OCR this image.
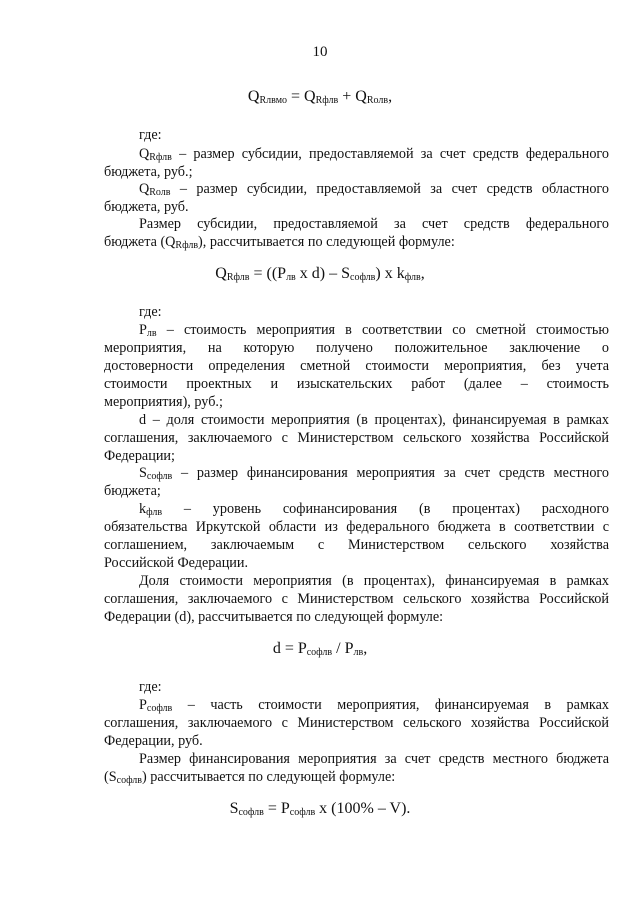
10
$Q_{Rлвмо} = Q_{Rфлв} + Q_{Rолв}$,
где:
$Q_{Rфлв}$ – размер субсидии, предоставляемой за счет средств федерального
бюджета, руб.;
$Q_{Rолв}$ – размер субсидии, предоставляемой за счет средств областного
бюджета, руб.
Размер субсидии, предоставляемой за счет средств федерального
бюджета $(Q_{Rфлв})$, рассчитывается по следующей формуле:
$Q_{Rфлв} = ((P_{лв}$ x $d) - S_{софлв}$) x $k_{флв}$,
где:
$P_{лв}$ – стоимость мероприятия в соответствии со сметной стоимостью
мероприятия, на которую получено положительное заключение о
достоверности определения сметной стоимости мероприятия, без учета
стоимости проектных и изыскательских работ (далее – стоимость
мероприятия), руб.;
d – доля стоимости мероприятия (в процентах), финансируемая в рамках
соглашения, заключаемого с Министерством сельского хозяйства Российской
Федерации;
$S_{софлв}$ – размер финансирования мероприятия за счет средств местного
бюджета;
$k_{флв}$ – уровень софинансирования (в процентах) расходного
обязательства Иркутской области из федерального бюджета в соответствии с
соглашением, заключаемым с Министерством сельского хозяйства
Российской Федерации.
Доля стоимости мероприятия (в процентах), финансируемая в рамках
соглашения, заключаемого с Министерством сельского хозяйства Российской
Федерации (d), рассчитывается по следующей формуле:
$d = P_{софлв} / P_{лв}$,
где:
$P_{софлв}$ – часть стоимости мероприятия, финансируемая в рамках
соглашения, заключаемого с Министерством сельского хозяйства Российской
Федерации, руб.
Размер финансирования мероприятия за счет средств местного бюджета
$(S_{софлв})$ рассчитывается по следующей формуле:
$S_{софлв} = P_{софлв}$ x (100% – V).
